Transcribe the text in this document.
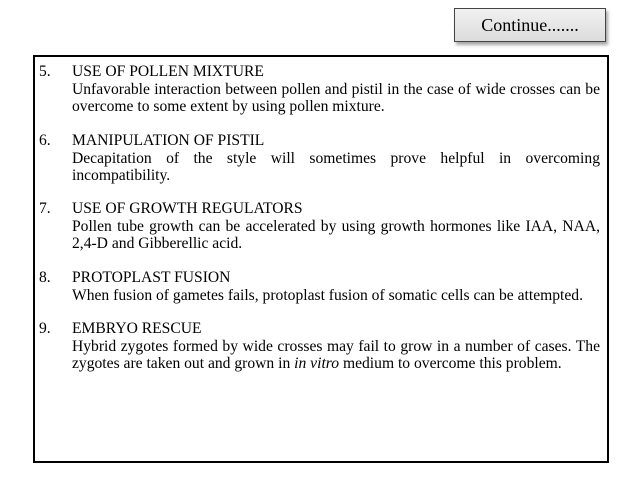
Continue.......
5.	USE OF POLLEN MIXTURE
Unfavorable interaction between pollen and pistil in the case of wide crosses can be overcome to some extent by using pollen mixture.
6.	MANIPULATION OF PISTIL
Decapitation of the style will sometimes prove helpful in overcoming incompatibility.
7.	USE OF GROWTH REGULATORS
Pollen tube growth can be accelerated by using growth hormones like IAA, NAA, 2,4-D and Gibberellic acid.
8.	PROTOPLAST FUSION
When fusion of gametes fails, protoplast fusion of somatic cells can be attempted.
9.	EMBRYO RESCUE
Hybrid zygotes formed by wide crosses may fail to grow in a number of cases. The zygotes are taken out and grown in in vitro medium to overcome this problem.
